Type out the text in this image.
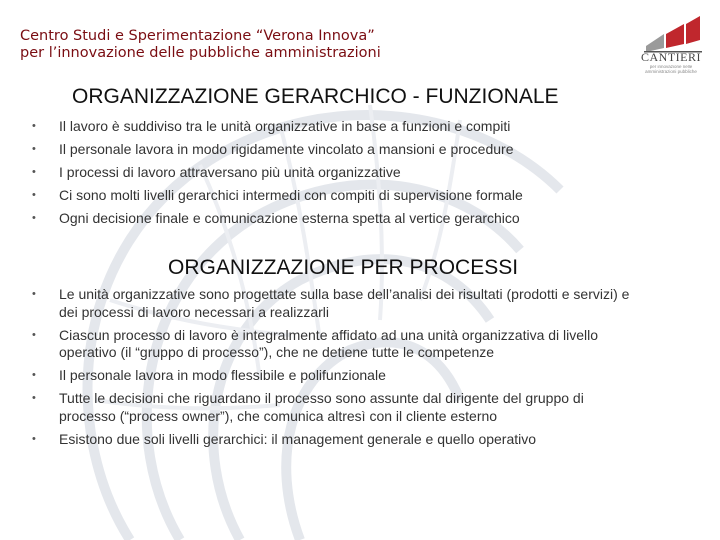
Centro Studi e Sperimentazione “Verona Innova”
per l’innovazione delle pubbliche amministrazioni	CANTIERI
per innovazione nelle amministrazioni pubbliche
ORGANIZZAZIONE GERARCHICO - FUNZIONALE
• Il lavoro è suddiviso tra le unità organizzative in base a funzioni e compiti
• Il personale lavora in modo rigidamente vincolato a mansioni e procedure
• I processi di lavoro attraversano più unità organizzative
• Ci sono molti livelli gerarchici intermedi con compiti di supervisione formale
• Ogni decisione finale e comunicazione esterna spetta al vertice gerarchico
ORGANIZZAZIONE PER PROCESSI
• Le unità organizzative sono progettate sulla base dell’analisi dei risultati (prodotti e servizi) e
dei processi di lavoro necessari a realizzarli
• Ciascun processo di lavoro è integralmente affidato ad una unità organizzativa di livello
operativo (il “gruppo di processo”), che ne detiene tutte le competenze
• Il personale lavora in modo flessibile e polifunzionale
• Tutte le decisioni che riguardano il processo sono assunte dal dirigente del gruppo di
processo (“process owner”), che comunica altresì con il cliente esterno
• Esistono due soli livelli gerarchici: il management generale e quello operativo
